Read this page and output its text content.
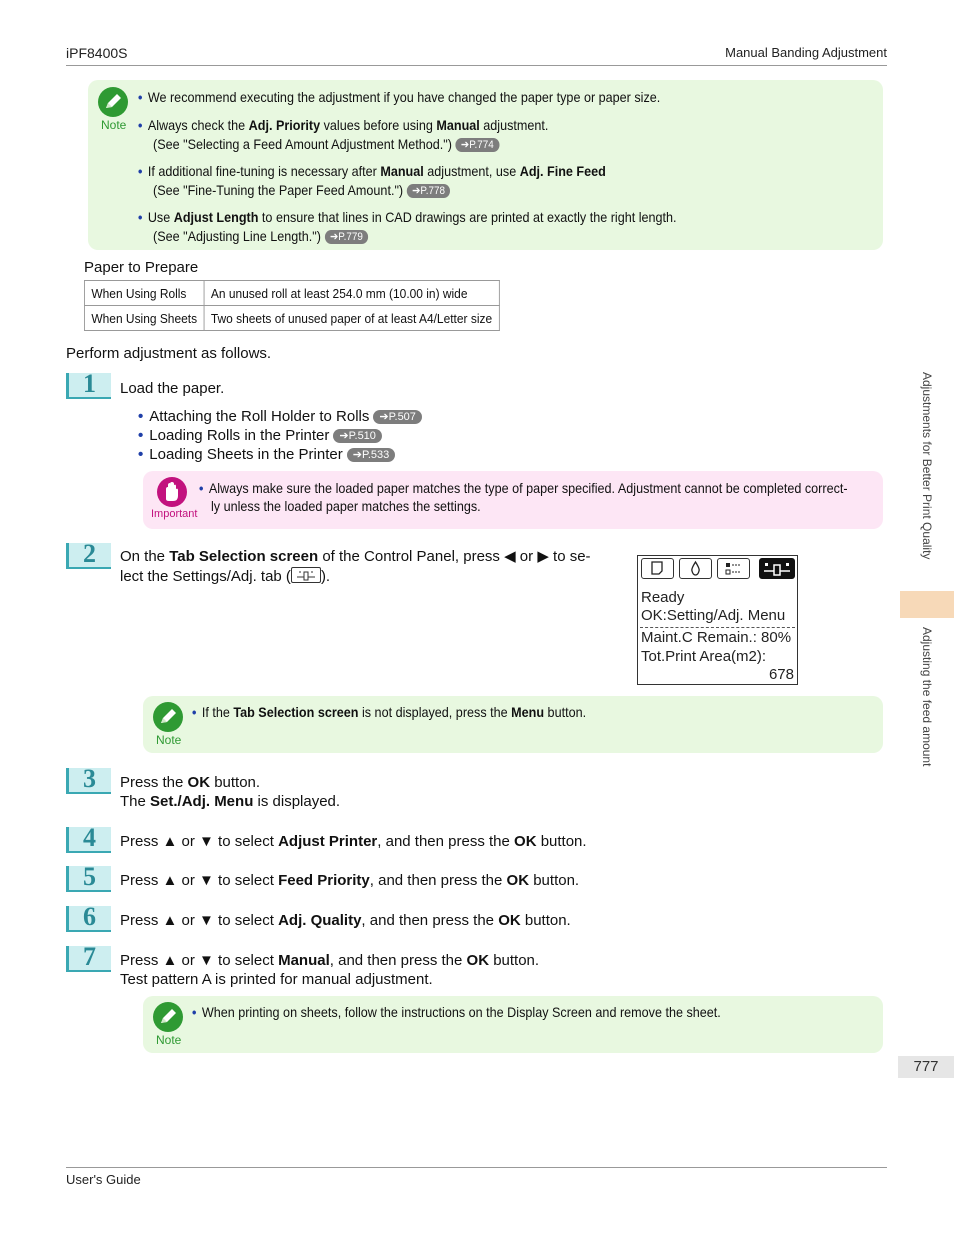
iPF8400S	Manual Banding Adjustment
Note
• We recommend executing the adjustment if you have changed the paper type or paper size.
• Always check the Adj. Priority values before using Manual adjustment.
(See "Selecting a Feed Amount Adjustment Method.") ➔P.774
• If additional fine-tuning is necessary after Manual adjustment, use Adj. Fine Feed
(See "Fine-Tuning the Paper Feed Amount.") ➔P.778
• Use Adjust Length to ensure that lines in CAD drawings are printed at exactly the right length.
(See "Adjusting Line Length.") ➔P.779
Paper to Prepare
When Using Rolls	An unused roll at least 254.0 mm (10.00 in) wide
When Using Sheets	Two sheets of unused paper of at least A4/Letter size
Perform adjustment as follows.
1 Load the paper.
• Attaching the Roll Holder to Rolls ➔P.507
• Loading Rolls in the Printer ➔P.510
• Loading Sheets in the Printer ➔P.533
Important
• Always make sure the loaded paper matches the type of paper specified. Adjustment cannot be completed correct-
ly unless the loaded paper matches the settings.
2 On the Tab Selection screen of the Control Panel, press ◀ or ▶ to se-
lect the Settings/Adj. tab ( ).
Ready
OK:Setting/Adj. Menu
Maint.C Remain.: 80%
Tot.Print Area(m2):
678
Note
• If the Tab Selection screen is not displayed, press the Menu button.
3 Press the OK button.
The Set./Adj. Menu is displayed.
4 Press ▲ or ▼ to select Adjust Printer, and then press the OK button.
5 Press ▲ or ▼ to select Feed Priority, and then press the OK button.
6 Press ▲ or ▼ to select Adj. Quality, and then press the OK button.
7 Press ▲ or ▼ to select Manual, and then press the OK button.
Test pattern A is printed for manual adjustment.
Note
• When printing on sheets, follow the instructions on the Display Screen and remove the sheet.
Adjustments for Better Print Quality
Adjusting the feed amount
777
User's Guide
